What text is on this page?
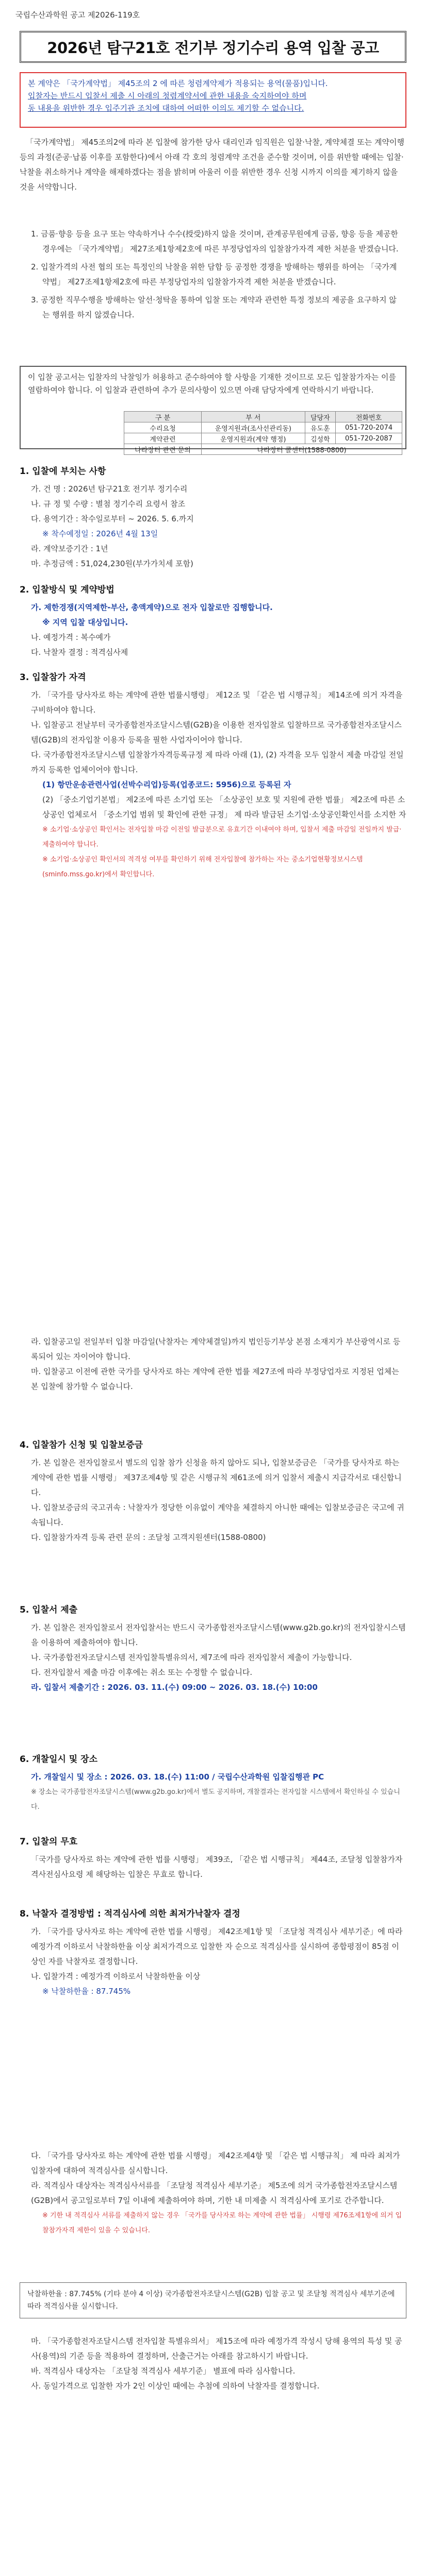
국립수산과학원 공고 제2026-119호
2026년 탐구21호 전기부 정기수리 용역 입찰 공고
본 계약은 「국가계약법」 제45조의 2 에 따른 청렴계약제가 적용되는 용역(물품)입니다.
입찰자는 반드시 입찰서 제출 시 아래의 청렴계약서에 관한 내용을 숙지하여야 하며
동 내용을 위반한 경우 입주기관 조치에 대하여 어떠한 이의도 제기할 수 없습니다.
「국가계약법」 제45조의2에 따라 본 입찰에 참가한 당사 대리인과 임직원은 입찰·낙찰, 계약체결 또는 계약이행 등의 과정(준공·납품 이후를 포함한다)에서 아래 각 호의 청렴계약 조건을 준수할 것이며, 이를 위반할 때에는 입찰·낙찰을 취소하거나 계약을 해제하겠다는 점을 밝히며 아울러 이를 위반한 경우 신청 시까지 이의를 제기하지 않을 것을 서약합니다.

1. 금품·향응 등을 요구 또는 약속하거나 수수(授受)하지 않을 것이며, 관계공무원에게 금품, 향응 등을 제공한 경우에는 「국가계약법」 제27조제1항제2호에 따른 부정당업자의 입찰참가자격 제한 처분을 받겠습니다.

2. 입찰가격의 사전 협의 또는 특정인의 낙찰을 위한 담합 등 공정한 경쟁을 방해하는 행위를 하여는 「국가계약법」 제27조제1항제2호에 따른 부정당업자의 입찰참가자격 제한 처분을 받겠습니다.

3. 공정한 직무수행을 방해하는 알선·청탁을 통하여 입찰 또는 계약과 관련한 특정 정보의 제공을 요구하지 않는 행위를 하지 않겠습니다.

이 입찰 공고서는 입찰자의 낙찰잉가 허용하고 준수하여야 할 사항을 기재한 것이므로 모든 입찰참가자는 이를 열람하여야 합니다. 이 입찰과 관련하여 추가 문의사항이 있으면 아래 담당자에게 연락하시기 바랍니다.
구 분	부 서	담당자	전화번호
수리요청	운영지원과(조사선관리동)	유도훈	051-720-2074
계약관련	운영지원과(계약 행정)	김성학	051-720-2087
나라장터 관련 문의	나라장터 콜센터(1588-0800)		
1. 입찰에 부치는 사항

가. 건 명 : 2026년 탐구21호 전기부 정기수리

나. 규 정 및 수량 : 별첨 정기수리 요령서 참조

다. 용역기간 : 착수일로부터 ~ 2026. 5. 6.까지

※ 착수예정일 : 2026년 4월 13일

라. 계약보증기간 : 1년

마. 추정금액 : 51,024,230원(부가가치세 포함)

2. 입찰방식 및 계약방법

가. 제한경쟁(지역제한-부산, 총액계약)으로 전자 입찰로만 집행합니다.

※ 지역 입찰 대상입니다.

나. 예정가격 : 복수예가

다. 낙찰자 결정 : 적격심사제

3. 입찰참가 자격

가. 「국가를 당사자로 하는 계약에 관한 법률시행령」 제12조 및 「같은 법 시행규칙」 제14조에 의거 자격을 구비하여야 합니다.

나. 입찰공고 전날부터 국가종합전자조달시스템(G2B)을 이용한 전자입찰로 입찰하므로 국가종합전자조달시스템(G2B)의 전자입찰 이용자 등록을 필한 사업자이어야 합니다.

다. 국가종합전자조달시스템 입찰참가자격등록규정 제 따라 아래 (1), (2) 자격을 모두 입찰서 제출 마감일 전일까지 등록한 업체이어야 합니다.

(1) 항만운송관련사업(선박수리업)등록(업종코드: 5956)으로 등록된 자

(2) 「중소기업기본법」 제2조에 따른 소기업 또는 「소상공인 보호 및 지원에 관한 법률」 제2조에 따른 소상공인 업체로서 「중소기업 범위 및 확인에 관한 규정」 제 따라 발급된 소기업·소상공인확인서를 소지한 자

※ 소기업·소상공인 확인서는 전자입찰 마감 이전일 발급분으로 유효기간 이내여야 하며, 입찰서 제출 마감일 전일까지 발급·제출하여야 합니다.

※ 소기업·소상공인 확인서의 적격성 여부를 확인하기 위해 전자입찰에 참가하는 자는 중소기업현황정보시스템(sminfo.mss.go.kr)에서 확인합니다.

라. 입찰공고일 전일부터 입찰 마감일(낙찰자는 계약체결일)까지 법인등기부상 본점 소재지가 부산광역시로 등록되어 있는 자이어야 합니다.

마. 입찰공고 이전에 관한 국가를 당사자로 하는 계약에 관한 법률 제27조에 따라 부정당업자로 지정된 업체는 본 입찰에 참가할 수 없습니다.

4. 입찰참가 신청 및 입찰보증금

가. 본 입찰은 전자입찰로서 별도의 입찰 참가 신청을 하지 않아도 되나, 입찰보증금은 「국가를 당사자로 하는 계약에 관한 법률 시행령」 제37조제4항 및 같은 시행규칙 제61조에 의거 입찰서 제출시 지급각서로 대신합니다.

나. 입찰보증금의 국고귀속 : 낙찰자가 정당한 이유없이 계약을 체결하지 아니한 때에는 입찰보증금은 국고에 귀속됩니다.

다. 입찰참가자격 등록 관련 문의 : 조달청 고객지원센터(1588-0800)

5. 입찰서 제출

가. 본 입찰은 전자입찰로서 전자입찰서는 반드시 국가종합전자조달시스템(www.g2b.go.kr)의 전자입찰시스템을 이용하여 제출하여야 합니다.

나. 국가종합전자조달시스템 전자입찰특별유의서, 제7조에 따라 전자입찰서 제출이 가능합니다.

다. 전자입찰서 제출 마감 이후에는 취소 또는 수정할 수 없습니다.

라. 입찰서 제출기간 : 2026. 03. 11.(수) 09:00 ~ 2026. 03. 18.(수) 10:00

6. 개찰일시 및 장소

가. 개찰일시 및 장소 : 2026. 03. 18.(수) 11:00 / 국립수산과학원 입찰집행관 PC

※ 장소는 국가종합전자조달시스템(www.g2b.go.kr)에서 별도 공지하며, 개찰결과는 전자입찰 시스템에서 확인하실 수 있습니다.

7. 입찰의 무효

「국가를 당사자로 하는 계약에 관한 법률 시행령」 제39조, 「같은 법 시행규칙」 제44조, 조달청 입찰참가자격사전심사요령 제 해당하는 입찰은 무효로 합니다.

8. 낙찰자 결정방법 : 적격심사에 의한 최저가낙찰자 결정

가. 「국가를 당사자로 하는 계약에 관한 법률 시행령」 제42조제1항 및 「조달청 적격심사 세부기준」에 따라 예정가격 이하로서 낙찰하한율 이상 최저가격으로 입찰한 자 순으로 적격심사를 실시하여 종합평점이 85점 이상인 자를 낙찰자로 결정합니다.

나. 입찰가격 : 예정가격 이하로서 낙찰하한율 이상

※ 낙찰하한율 : 87.745%

다. 「국가를 당사자로 하는 계약에 관한 법률 시행령」 제42조제4항 및 「같은 법 시행규칙」 제 따라 최저가 입찰자에 대하여 적격심사를 실시합니다.

라. 적격심사 대상자는 적격심사서류를 「조달청 적격심사 세부기준」 제5조에 의거 국가종합전자조달시스템(G2B)에서 공고일로부터 7일 이내에 제출하여야 하며, 기한 내 미제출 시 적격심사에 포기로 간주합니다.

※ 기한 내 적격심사 서류를 제출하지 않는 경우 「국가를 당사자로 하는 계약에 관한 법률」 시행령 제76조제1항에 의거 입찰참가자격 제한이 있을 수 있습니다.

낙찰하한율 : 87.745% (기타 분야 4 이상) 국가종합전자조달시스템(G2B) 입찰 공고 및 조달청 적격심사 세부기준에 따라 적격심사를 실시합니다.

마. 「국가종합전자조달시스템 전자입찰 특별유의서」 제15조에 따라 예정가격 작성시 당해 용역의 특성 및 공사(용역)의 기준 등을 적용하여 결정하며, 산출근거는 아래를 참고하시기 바랍니다.

바. 적격심사 대상자는 「조달청 적격심사 세부기준」 별표에 따라 심사합니다.

사. 동일가격으로 입찰한 자가 2인 이상인 때에는 추첨에 의하여 낙찰자를 결정합니다.
